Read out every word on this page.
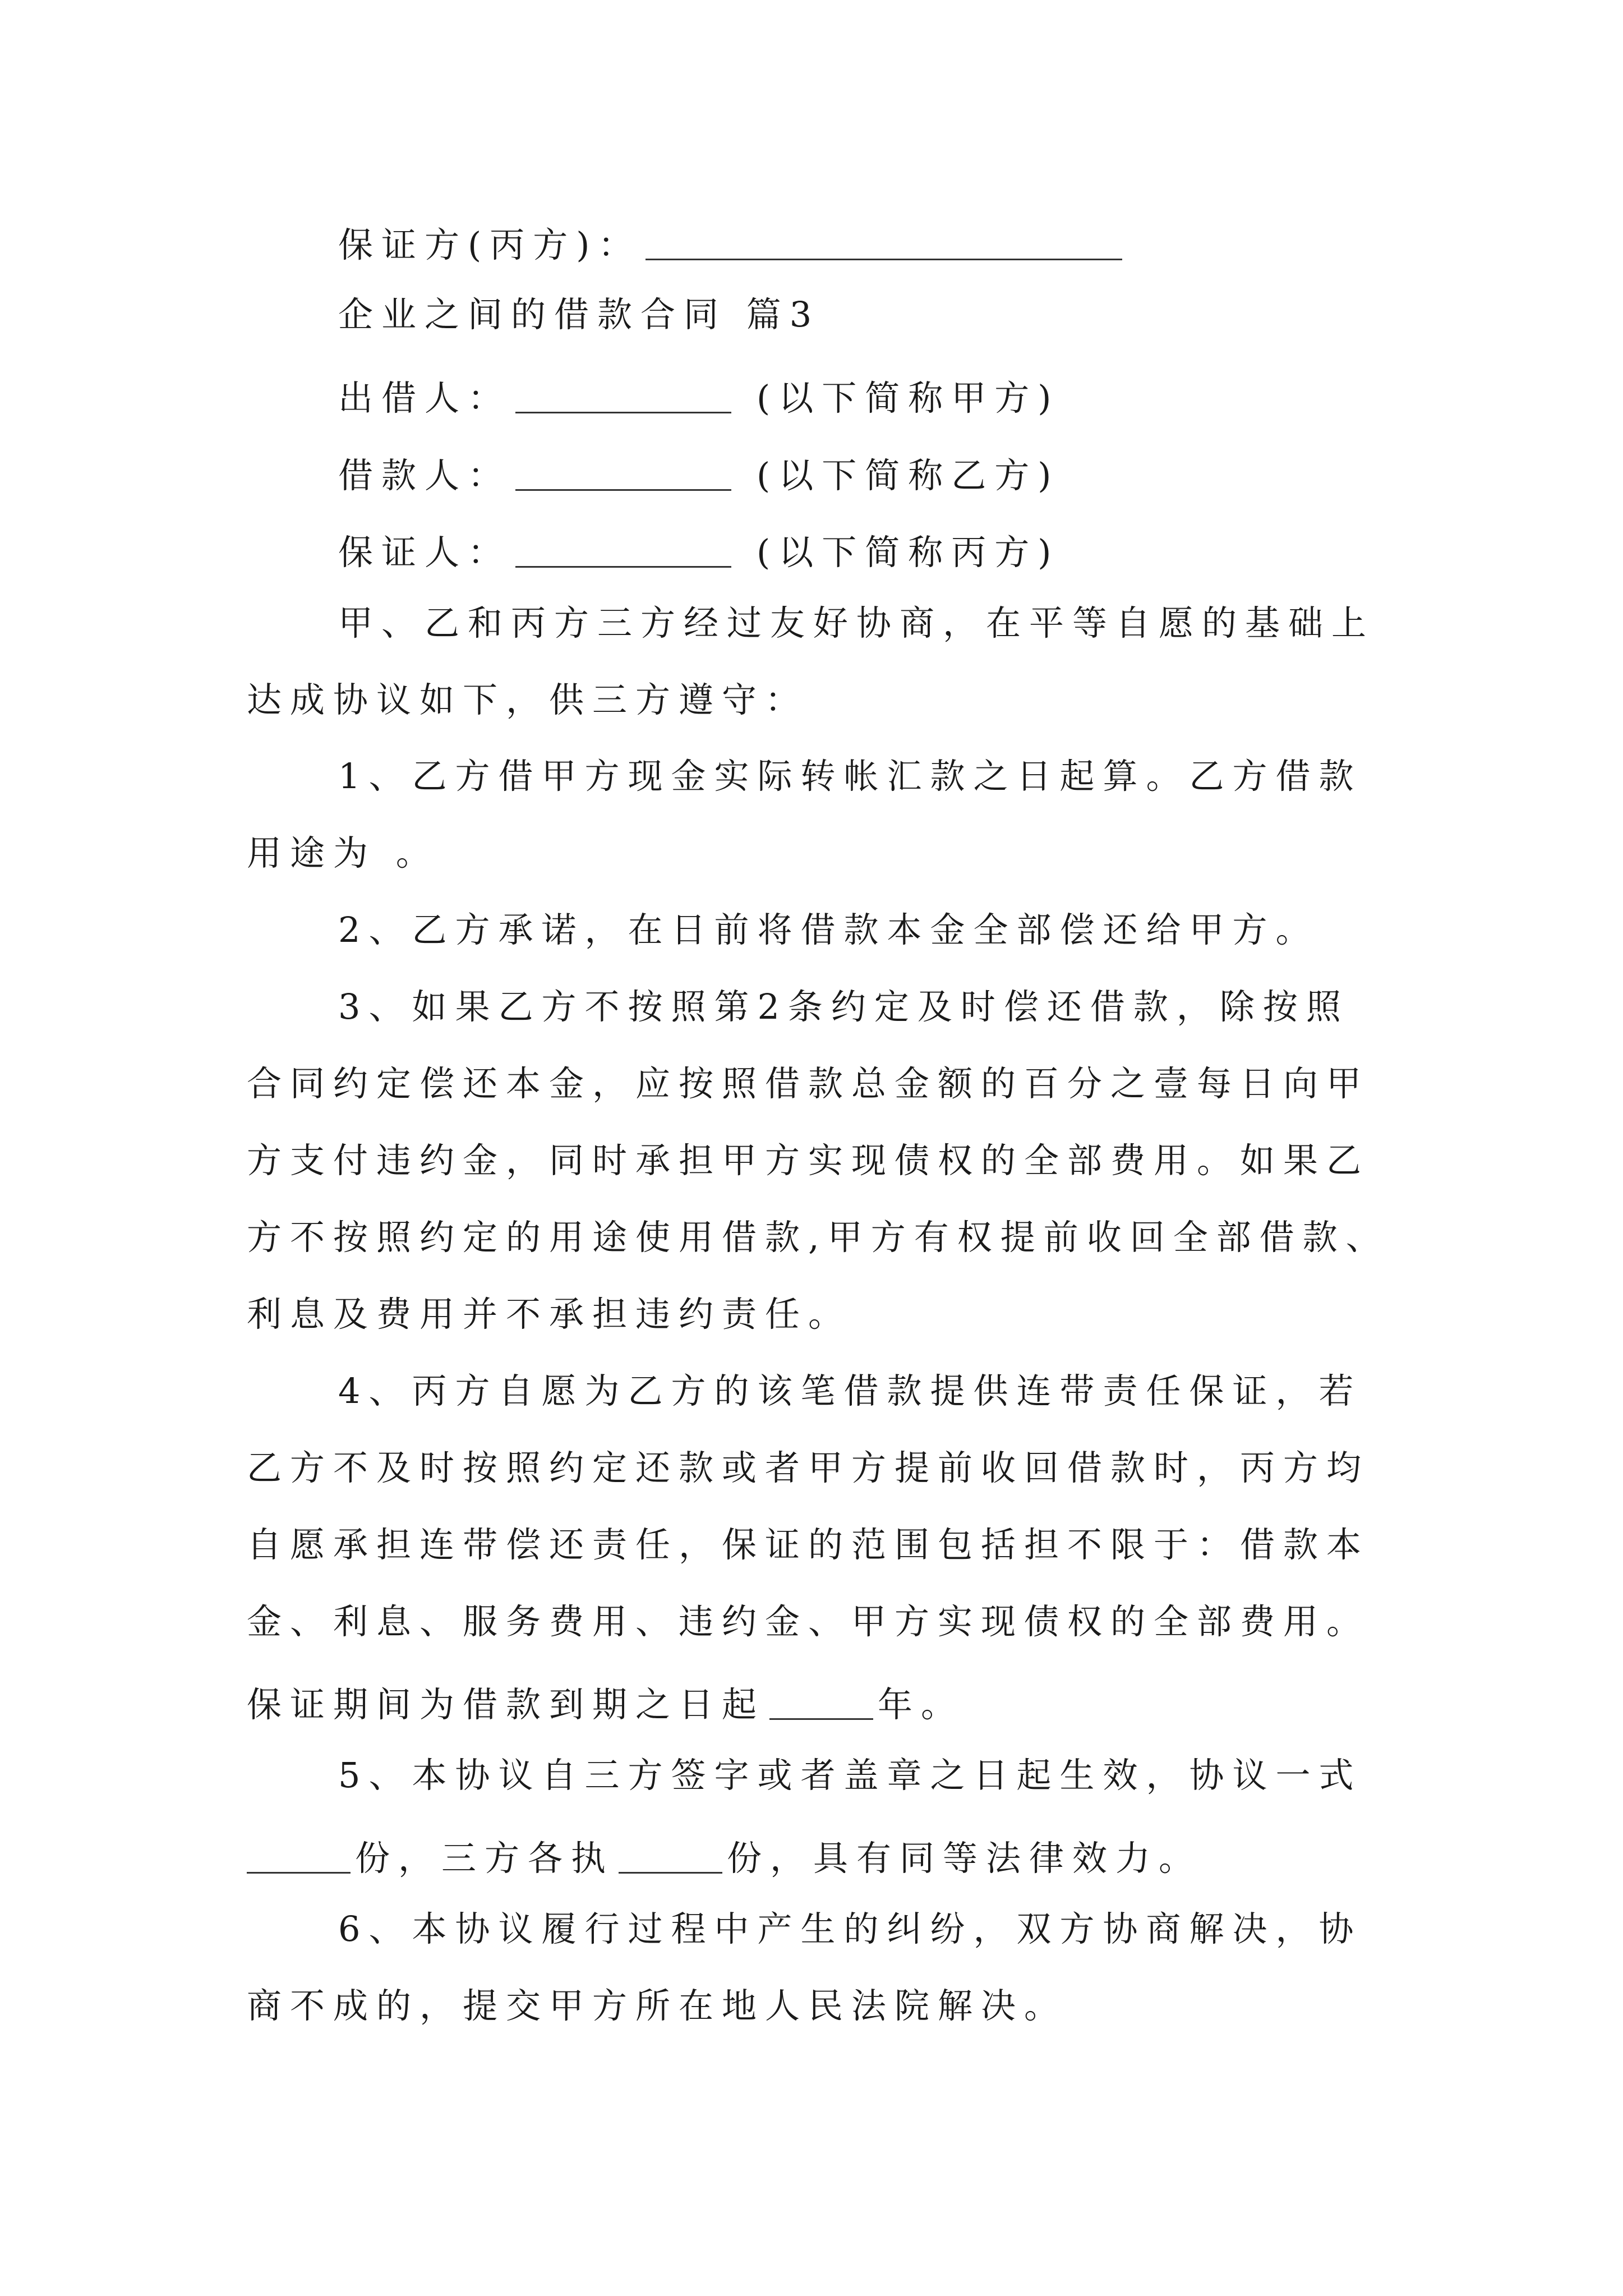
保证方(丙方)：
企业之间的借款合同 篇3
出借人：	(以下简称甲方)
借款人：	(以下简称乙方)
保证人：	(以下简称丙方)
甲、乙和丙方三方经过友好协商，在平等自愿的基础上
达成协议如下，供三方遵守：
1、乙方借甲方现金实际转帐汇款之日起算。乙方借款
用途为 。
2、乙方承诺，在日前将借款本金全部偿还给甲方。
3、如果乙方不按照第2条约定及时偿还借款，除按照
合同约定偿还本金，应按照借款总金额的百分之壹每日向甲
方支付违约金，同时承担甲方实现债权的全部费用。如果乙
方不按照约定的用途使用借款,甲方有权提前收回全部借款、
利息及费用并不承担违约责任。
4、丙方自愿为乙方的该笔借款提供连带责任保证，若
乙方不及时按照约定还款或者甲方提前收回借款时，丙方均
自愿承担连带偿还责任，保证的范围包括担不限于：借款本
金、利息、服务费用、违约金、甲方实现债权的全部费用。
保证期间为借款到期之日起	年。
5、本协议自三方签字或者盖章之日起生效，协议一式
份，三方各执	份，具有同等法律效力。
6、本协议履行过程中产生的纠纷，双方协商解决，协
商不成的，提交甲方所在地人民法院解决。
